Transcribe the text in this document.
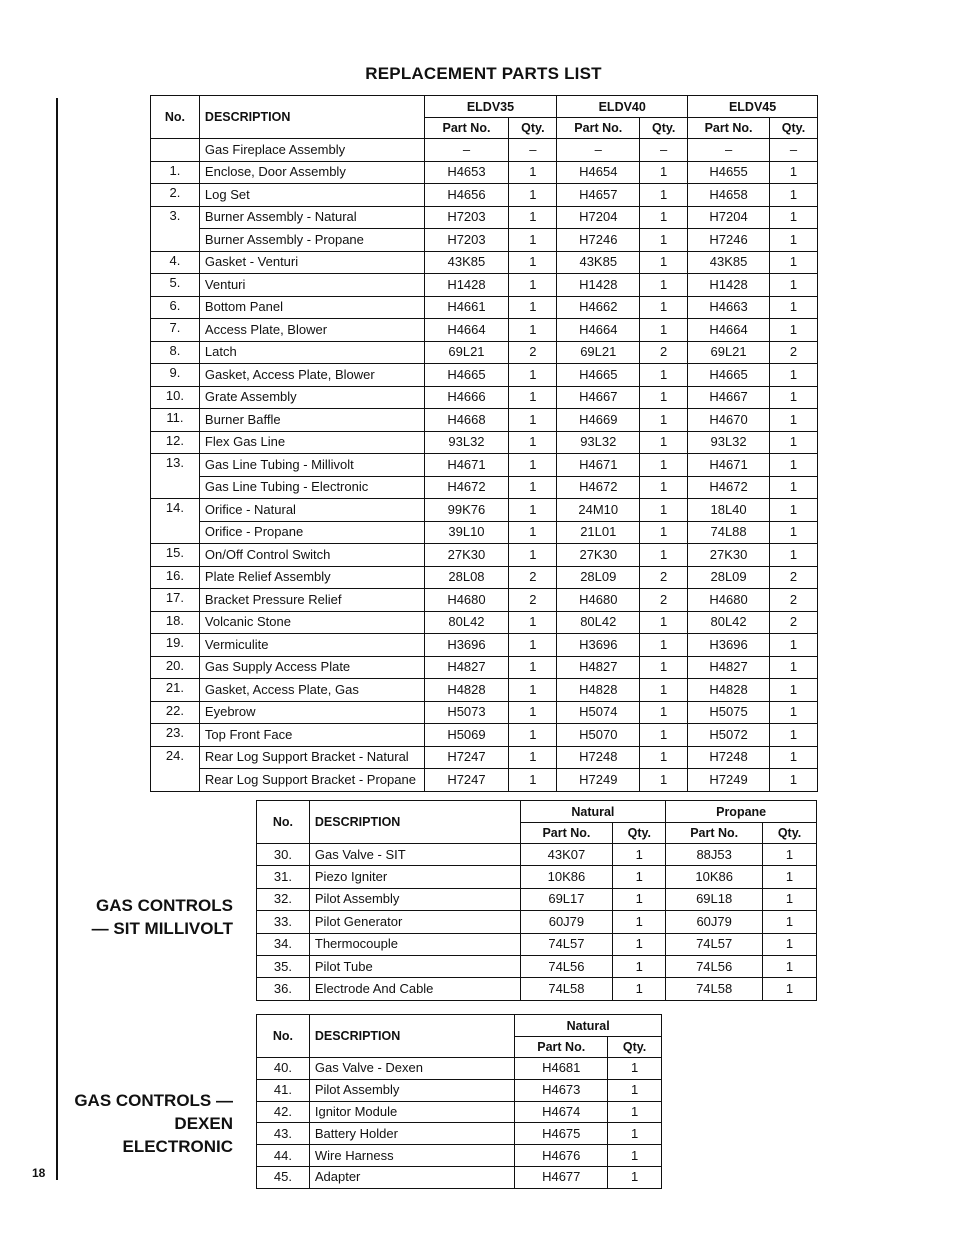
18
REPLACEMENT PARTS LIST
No.	DESCRIPTION	ELDV35		ELDV40		ELDV45	
		Part No.	Qty.	Part No.	Qty.	Part No.	Qty.
	Gas Fireplace Assembly	–	–	–	–	–	–
1.	Enclose, Door Assembly	H4653	1	H4654	1	H4655	1
2.	Log Set	H4656	1	H4657	1	H4658	1
3.	Burner Assembly - Natural	H7203	1	H7204	1	H7204	1
	Burner Assembly - Propane	H7203	1	H7246	1	H7246	1
4.	Gasket - Venturi	43K85	1	43K85	1	43K85	1
5.	Venturi	H1428	1	H1428	1	H1428	1
6.	Bottom Panel	H4661	1	H4662	1	H4663	1
7.	Access Plate, Blower	H4664	1	H4664	1	H4664	1
8.	Latch	69L21	2	69L21	2	69L21	2
9.	Gasket, Access Plate, Blower	H4665	1	H4665	1	H4665	1
10.	Grate Assembly	H4666	1	H4667	1	H4667	1
11.	Burner Baffle	H4668	1	H4669	1	H4670	1
12.	Flex Gas Line	93L32	1	93L32	1	93L32	1
13.	Gas Line Tubing - Millivolt	H4671	1	H4671	1	H4671	1
	Gas Line Tubing - Electronic	H4672	1	H4672	1	H4672	1
14.	Orifice - Natural	99K76	1	24M10	1	18L40	1
	Orifice - Propane	39L10	1	21L01	1	74L88	1
15.	On/Off Control Switch	27K30	1	27K30	1	27K30	1
16.	Plate Relief Assembly	28L08	2	28L09	2	28L09	2
17.	Bracket Pressure Relief	H4680	2	H4680	2	H4680	2
18.	Volcanic Stone	80L42	1	80L42	1	80L42	2
19.	Vermiculite	H3696	1	H3696	1	H3696	1
20.	Gas Supply Access Plate	H4827	1	H4827	1	H4827	1
21.	Gasket, Access Plate, Gas	H4828	1	H4828	1	H4828	1
22.	Eyebrow	H5073	1	H5074	1	H5075	1
23.	Top Front Face	H5069	1	H5070	1	H5072	1
24.	Rear Log Support Bracket - Natural	H7247	1	H7248	1	H7248	1
	Rear Log Support Bracket - Propane	H7247	1	H7249	1	H7249	1
GAS CONTROLS
— SIT MILLIVOLT
No.	DESCRIPTION	Natural		Propane	
		Part No.	Qty.	Part No.	Qty.
30.	Gas Valve - SIT	43K07	1	88J53	1
31.	Piezo Igniter	10K86	1	10K86	1
32.	Pilot Assembly	69L17	1	69L18	1
33.	Pilot Generator	60J79	1	60J79	1
34.	Thermocouple	74L57	1	74L57	1
35.	Pilot Tube	74L56	1	74L56	1
36.	Electrode And Cable	74L58	1	74L58	1
GAS CONTROLS —
DEXEN ELECTRONIC
No.	DESCRIPTION	Natural	
		Part No.	Qty.
40.	Gas Valve - Dexen	H4681	1
41.	Pilot Assembly	H4673	1
42.	Ignitor Module	H4674	1
43.	Battery Holder	H4675	1
44.	Wire Harness	H4676	1
45.	Adapter	H4677	1
